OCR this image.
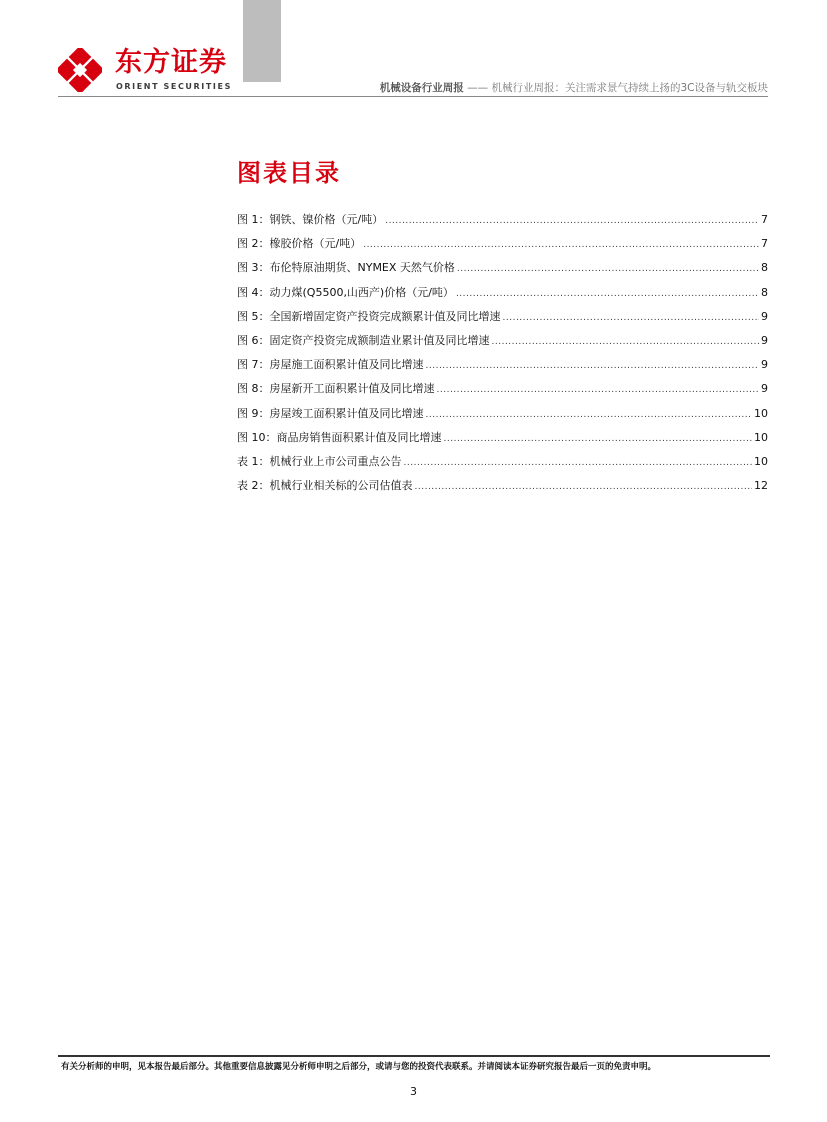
东方证券
ORIENT SECURITIES	机械设备行业周报 —— 机械行业周报：关注需求景气持续上扬的3C设备与轨交板块
图表目录
图 1：钢铁、镍价格（元/吨） .....	7
图 2：橡胶价格（元/吨） .....	7
图 3：布伦特原油期货、NYMEX 天然气价格 .....	8
图 4：动力煤(Q5500,山西产)价格（元/吨） .....	8
图 5：全国新增固定资产投资完成额累计值及同比增速 .....	9
图 6：固定资产投资完成额制造业累计值及同比增速 .....	9
图 7：房屋施工面积累计值及同比增速 .....	9
图 8：房屋新开工面积累计值及同比增速 .....	9
图 9：房屋竣工面积累计值及同比增速 .....	10
图 10：商品房销售面积累计值及同比增速 .....	10
表 1：机械行业上市公司重点公告 .....	10
表 2：机械行业相关标的公司估值表 .....	12
有关分析师的申明，见本报告最后部分。其他重要信息披露见分析师申明之后部分，或请与您的投资代表联系。并请阅读本证券研究报告最后一页的免责申明。
3
